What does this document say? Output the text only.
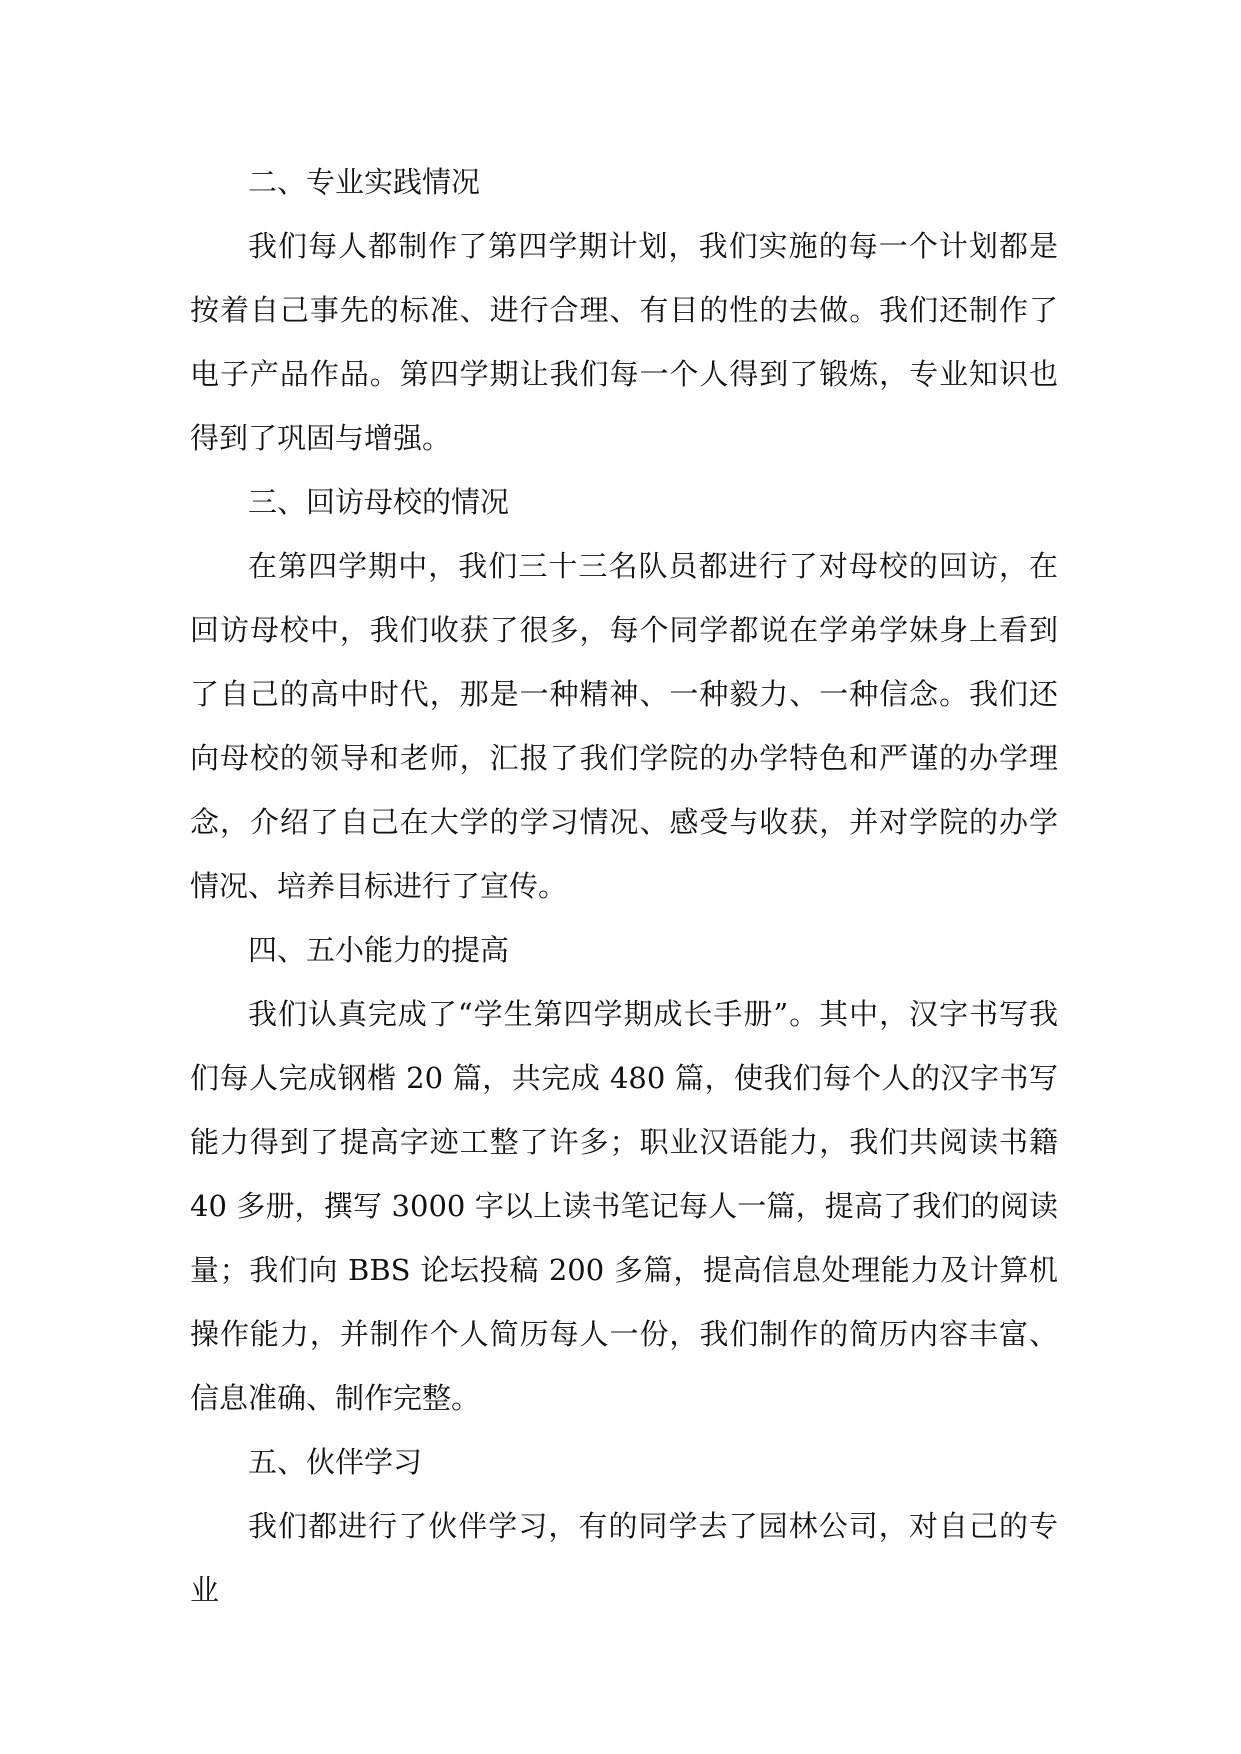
二、专业实践情况

我们每人都制作了第四学期计划，我们实施的每一个计划都是按着自己事先的标准、进行合理、有目的性的去做。我们还制作了电子产品作品。第四学期让我们每一个人得到了锻炼，专业知识也得到了巩固与增强。

三、回访母校的情况

在第四学期中，我们三十三名队员都进行了对母校的回访，在回访母校中，我们收获了很多，每个同学都说在学弟学妹身上看到了自己的高中时代，那是一种精神、一种毅力、一种信念。我们还向母校的领导和老师，汇报了我们学院的办学特色和严谨的办学理念，介绍了自己在大学的学习情况、感受与收获，并对学院的办学情况、培养目标进行了宣传。

四、五小能力的提高

我们认真完成了“学生第四学期成长手册”。其中，汉字书写我们每人完成钢楷 20 篇，共完成 480 篇，使我们每个人的汉字书写能力得到了提高字迹工整了许多；职业汉语能力，我们共阅读书籍 40 多册，撰写 3000 字以上读书笔记每人一篇，提高了我们的阅读量；我们向 BBS 论坛投稿 200 多篇，提高信息处理能力及计算机操作能力，并制作个人简历每人一份，我们制作的简历内容丰富、信息准确、制作完整。

五、伙伴学习

我们都进行了伙伴学习，有的同学去了园林公司，对自己的专业
